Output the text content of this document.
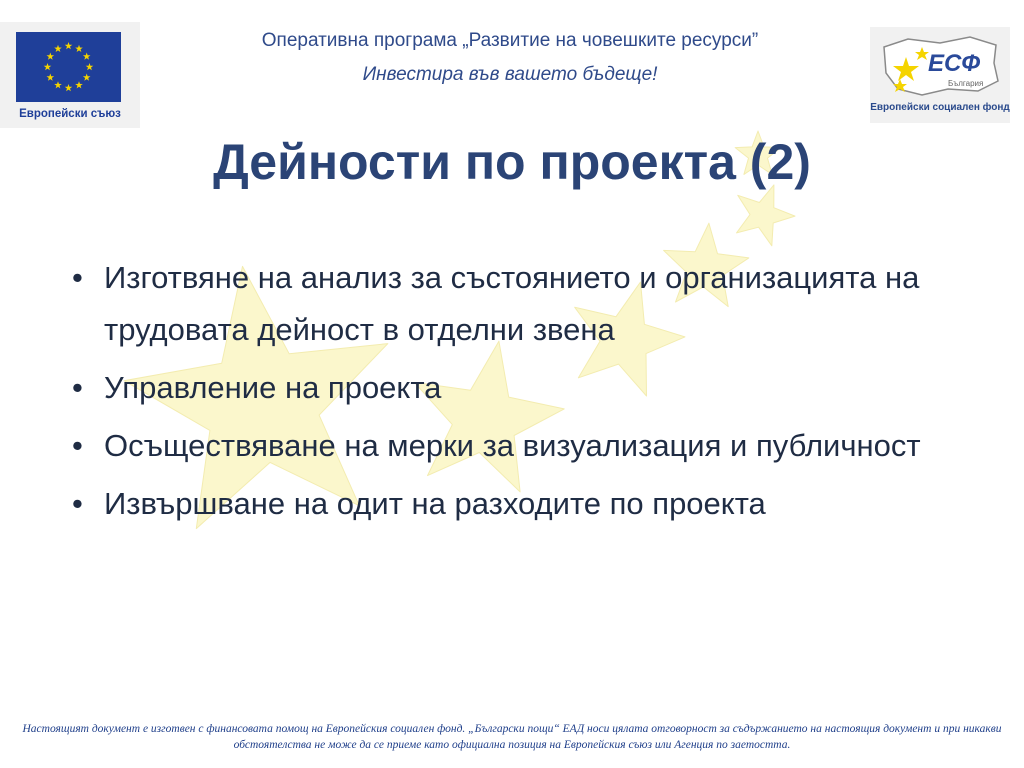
Европейски съюз
Оперативна програма „Развитие на човешките ресурси”
Инвестира във вашето бъдеще!	ЕСФ
България
Европейски социален фонд
Дейности по проекта (2)
• Изготвяне на анализ за състоянието и организацията на трудовата дейност в отделни звена
• Управление на проекта
• Осъществяване на мерки за визуализация и публичност
• Извършване на одит на разходите по проекта
Настоящият документ е изготвен с финансовата помощ на Европейския социален фонд. „Български пощи“ ЕАД носи цялата отговорност за съдържанието на настоящия документ и при никакви обстоятелства не може да се приеме като официална позиция на Европейския съюз или Агенция по заетостта.
